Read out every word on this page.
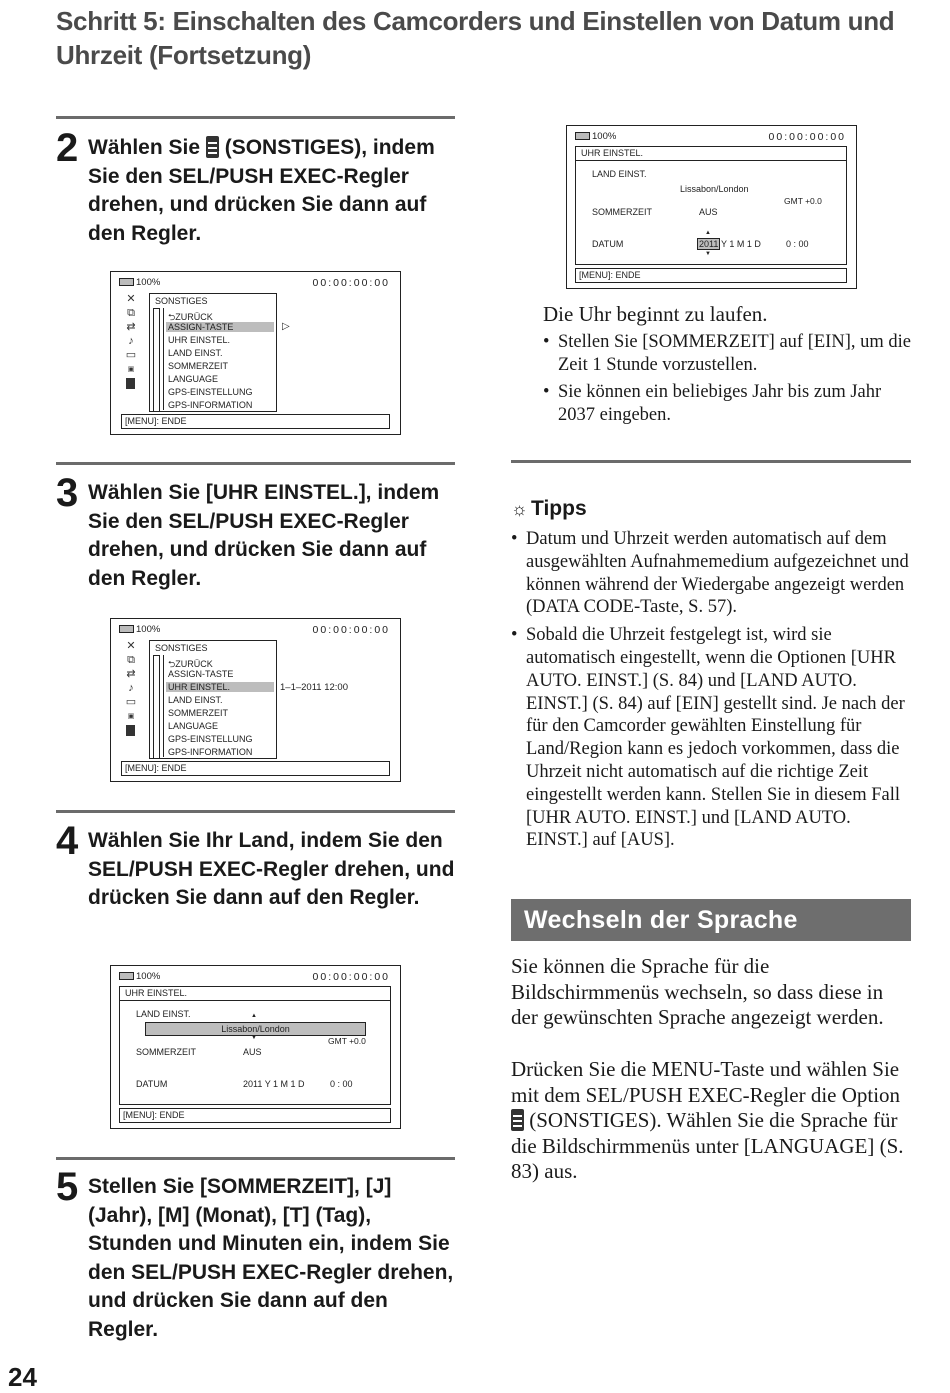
Schritt 5: Einschalten des Camcorders und Einstellen von Datum und Uhrzeit (Fortsetzung)
2 Wählen Sie (SONSTIGES), indem Sie den SEL/PUSH EXEC-Regler drehen, und drücken Sie dann auf den Regler.
100%	00:00:00:00
✕
⧉
⇄
♪
▭
▣
SONSTIGES
⮌ZURÜCK
ASSIGN-TASTE
UHR EINSTEL.
LAND EINST.
SOMMERZEIT
LANGUAGE
GPS-EINSTELLUNG
GPS-INFORMATION
▷
[MENU]: ENDE
3 Wählen Sie [UHR EINSTEL.], indem Sie den SEL/PUSH EXEC-Regler drehen, und drücken Sie dann auf den Regler.
100%	00:00:00:00
✕
⧉
⇄
♪
▭
▣
SONSTIGES
⮌ZURÜCK
ASSIGN-TASTE
UHR EINSTEL.
LAND EINST.
SOMMERZEIT
LANGUAGE
GPS-EINSTELLUNG
GPS-INFORMATION
1–1–2011 12:00
[MENU]: ENDE
4 Wählen Sie Ihr Land, indem Sie den SEL/PUSH EXEC-Regler drehen, und drücken Sie dann auf den Regler.
100%	00:00:00:00
UHR EINSTEL.
LAND EINST.	▲
Lissabon/London
▼	GMT +0.0
SOMMERZEIT	AUS
DATUM	2011 Y 1 M 1 D	0 : 00
[MENU]: ENDE
5 Stellen Sie [SOMMERZEIT], [J] (Jahr), [M] (Monat), [T] (Tag), Stunden und Minuten ein, indem Sie den SEL/PUSH EXEC-Regler drehen, und drücken Sie dann auf den Regler.
100%	00:00:00:00
UHR EINSTEL.
LAND EINST.
Lissabon/London
GMT +0.0
SOMMERZEIT	AUS
▲
DATUM	2011 Y 1 M 1 D	0 : 00
▼
[MENU]: ENDE
Die Uhr beginnt zu laufen.
• Stellen Sie [SOMMERZEIT] auf [EIN], um die Zeit 1 Stunde vorzustellen.
• Sie können ein beliebiges Jahr bis zum Jahr 2037 eingeben.
☼ Tipps
• Datum und Uhrzeit werden automatisch auf dem ausgewählten Aufnahmemedium aufgezeichnet und können während der Wiedergabe angezeigt werden (DATA CODE-Taste, S. 57).
• Sobald die Uhrzeit festgelegt ist, wird sie automatisch eingestellt, wenn die Optionen [UHR AUTO. EINST.] (S. 84) und [LAND AUTO. EINST.] (S. 84) auf [EIN] gestellt sind. Je nach der für den Camcorder gewählten Einstellung für Land/Region kann es jedoch vorkommen, dass die Uhrzeit nicht automatisch auf die richtige Zeit eingestellt werden kann. Stellen Sie in diesem Fall [UHR AUTO. EINST.] und [LAND AUTO. EINST.] auf [AUS].
Wechseln der Sprache
Sie können die Sprache für die Bildschirmmenüs wechseln, so dass diese in der gewünschten Sprache angezeigt werden.
Drücken Sie die MENU-Taste und wählen Sie mit dem SEL/PUSH EXEC-Regler die Option  (SONSTIGES). Wählen Sie die Sprache für die Bildschirmmenüs unter [LANGUAGE] (S. 83) aus.
24
